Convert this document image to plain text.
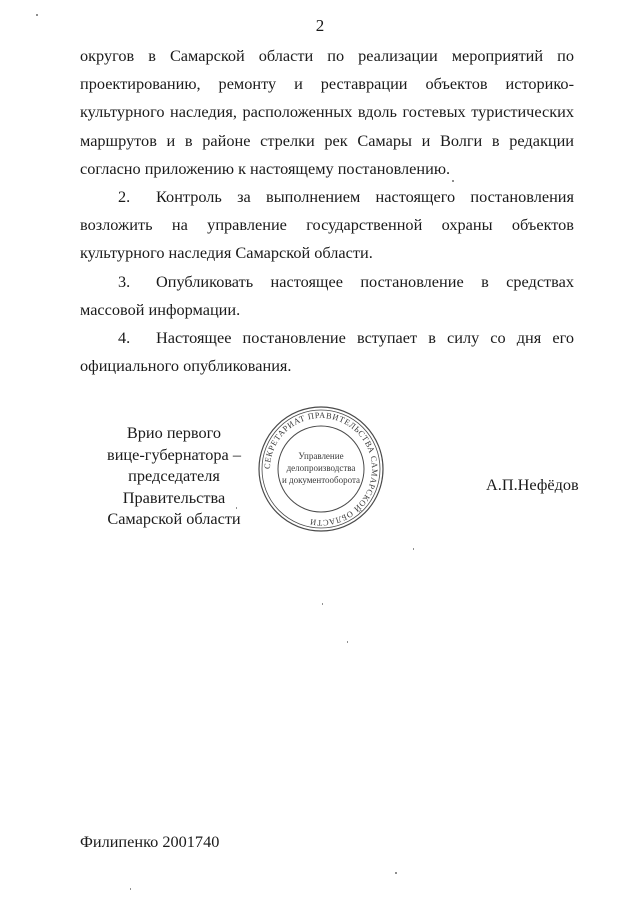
2

округов в Самарской области по реализации мероприятий по проектированию, ремонту и реставрации объектов историко-культурного наследия, расположенных вдоль гостевых туристических маршрутов и в районе стрелки рек Самары и Волги в редакции согласно приложению к настоящему постановлению.

2. Контроль за выполнением настоящего постановления возложить на управление государственной охраны объектов культурного наследия Самарской области.

3. Опубликовать настоящее постановление в средствах массовой информации.

4. Настоящее постановление вступает в силу со дня его официального опубликования.

Врио первого
вице-губернатора –
председателя Правительства
Самарской области
СЕКРЕТАРИАТ ПРАВИТЕЛЬСТВА САМАРСКОЙ ОБЛАСТИ
Управление
делопроизводства
и документооборота	А.П.Нефёдов
Филипенко 2001740
